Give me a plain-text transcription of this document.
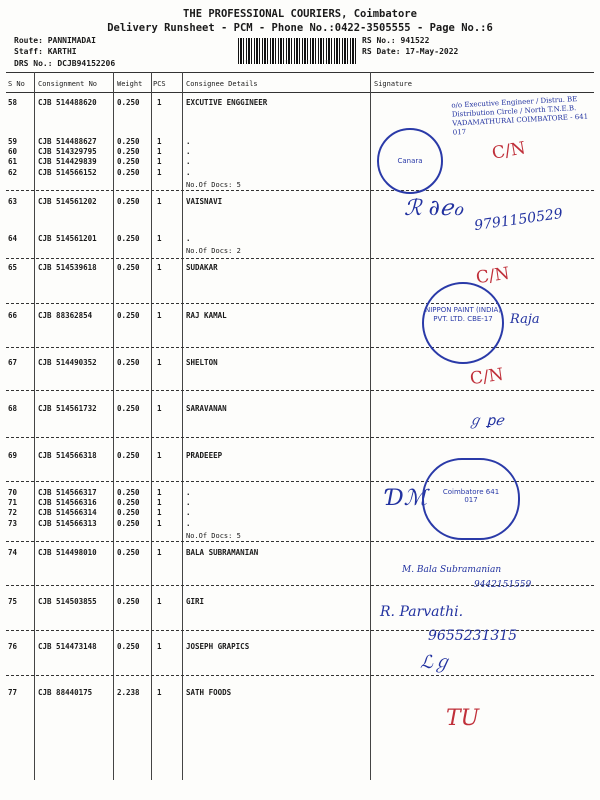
THE PROFESSIONAL COURIERS, Coimbatore
Delivery Runsheet - PCM - Phone No.:0422-3505555 - Page No.:6
Route: PANNIMADAI
Staff: KARTHI
DRS No.: DCJB94152206
RS No.: 941522
RS Date: 17-May-2022
S No Consignment No	Weight PCS	Consignee Details	Signature
58	CJB 514488620	0.250 1	EXCUTIVE ENGGINEER
59	CJB 514488627	0.250 1	.
60	CJB 514329795	0.250 1	.
61	CJB 514429839	0.250 1	.
62	CJB 514566152	0.250 1	.
63	CJB 514561202	0.250 1	VAISNAVI
64	CJB 514561201	0.250 1	.
65	CJB 514539618	0.250 1	SUDAKAR
66	CJB 88362854	0.250 1	RAJ KAMAL
67	CJB 514490352	0.250 1	SHELTON
68	CJB 514561732	0.250 1	SARAVANAN
69	CJB 514566318	0.250 1	PRADEEEP
70	CJB 514566317	0.250 1	.
71	CJB 514566316	0.250 1	.
72	CJB 514566314	0.250 1	.
73	CJB 514566313	0.250 1	.
74	CJB 514498010	0.250 1	BALA SUBRAMANIAN
75	CJB 514503855	0.250 1	GIRI
76	CJB 514473148	0.250 1	JOSEPH GRAPICS
77	CJB 88440175	2.238 1	SATH FOODS
No.Of Docs: 5
No.Of Docs: 2
No.Of Docs: 5
o/o Executive Engineer / Distru. BE Distribution Circle / North T.N.E.B. VADAMATHURAI COIMBATORE - 641 017
Canara	C/N
ℛ ∂ℯℴ 9791150529
C/N
NIPPON PAINT (INDIA) PVT. LTD. CBE-17	Raja
C/N
ℊ ꝑℯ
Ɗℳ Coimbatore 641 017
M. Bala Subramanian
9442151559
R. Parvathi.
9655231315
ℒℊ
TU
